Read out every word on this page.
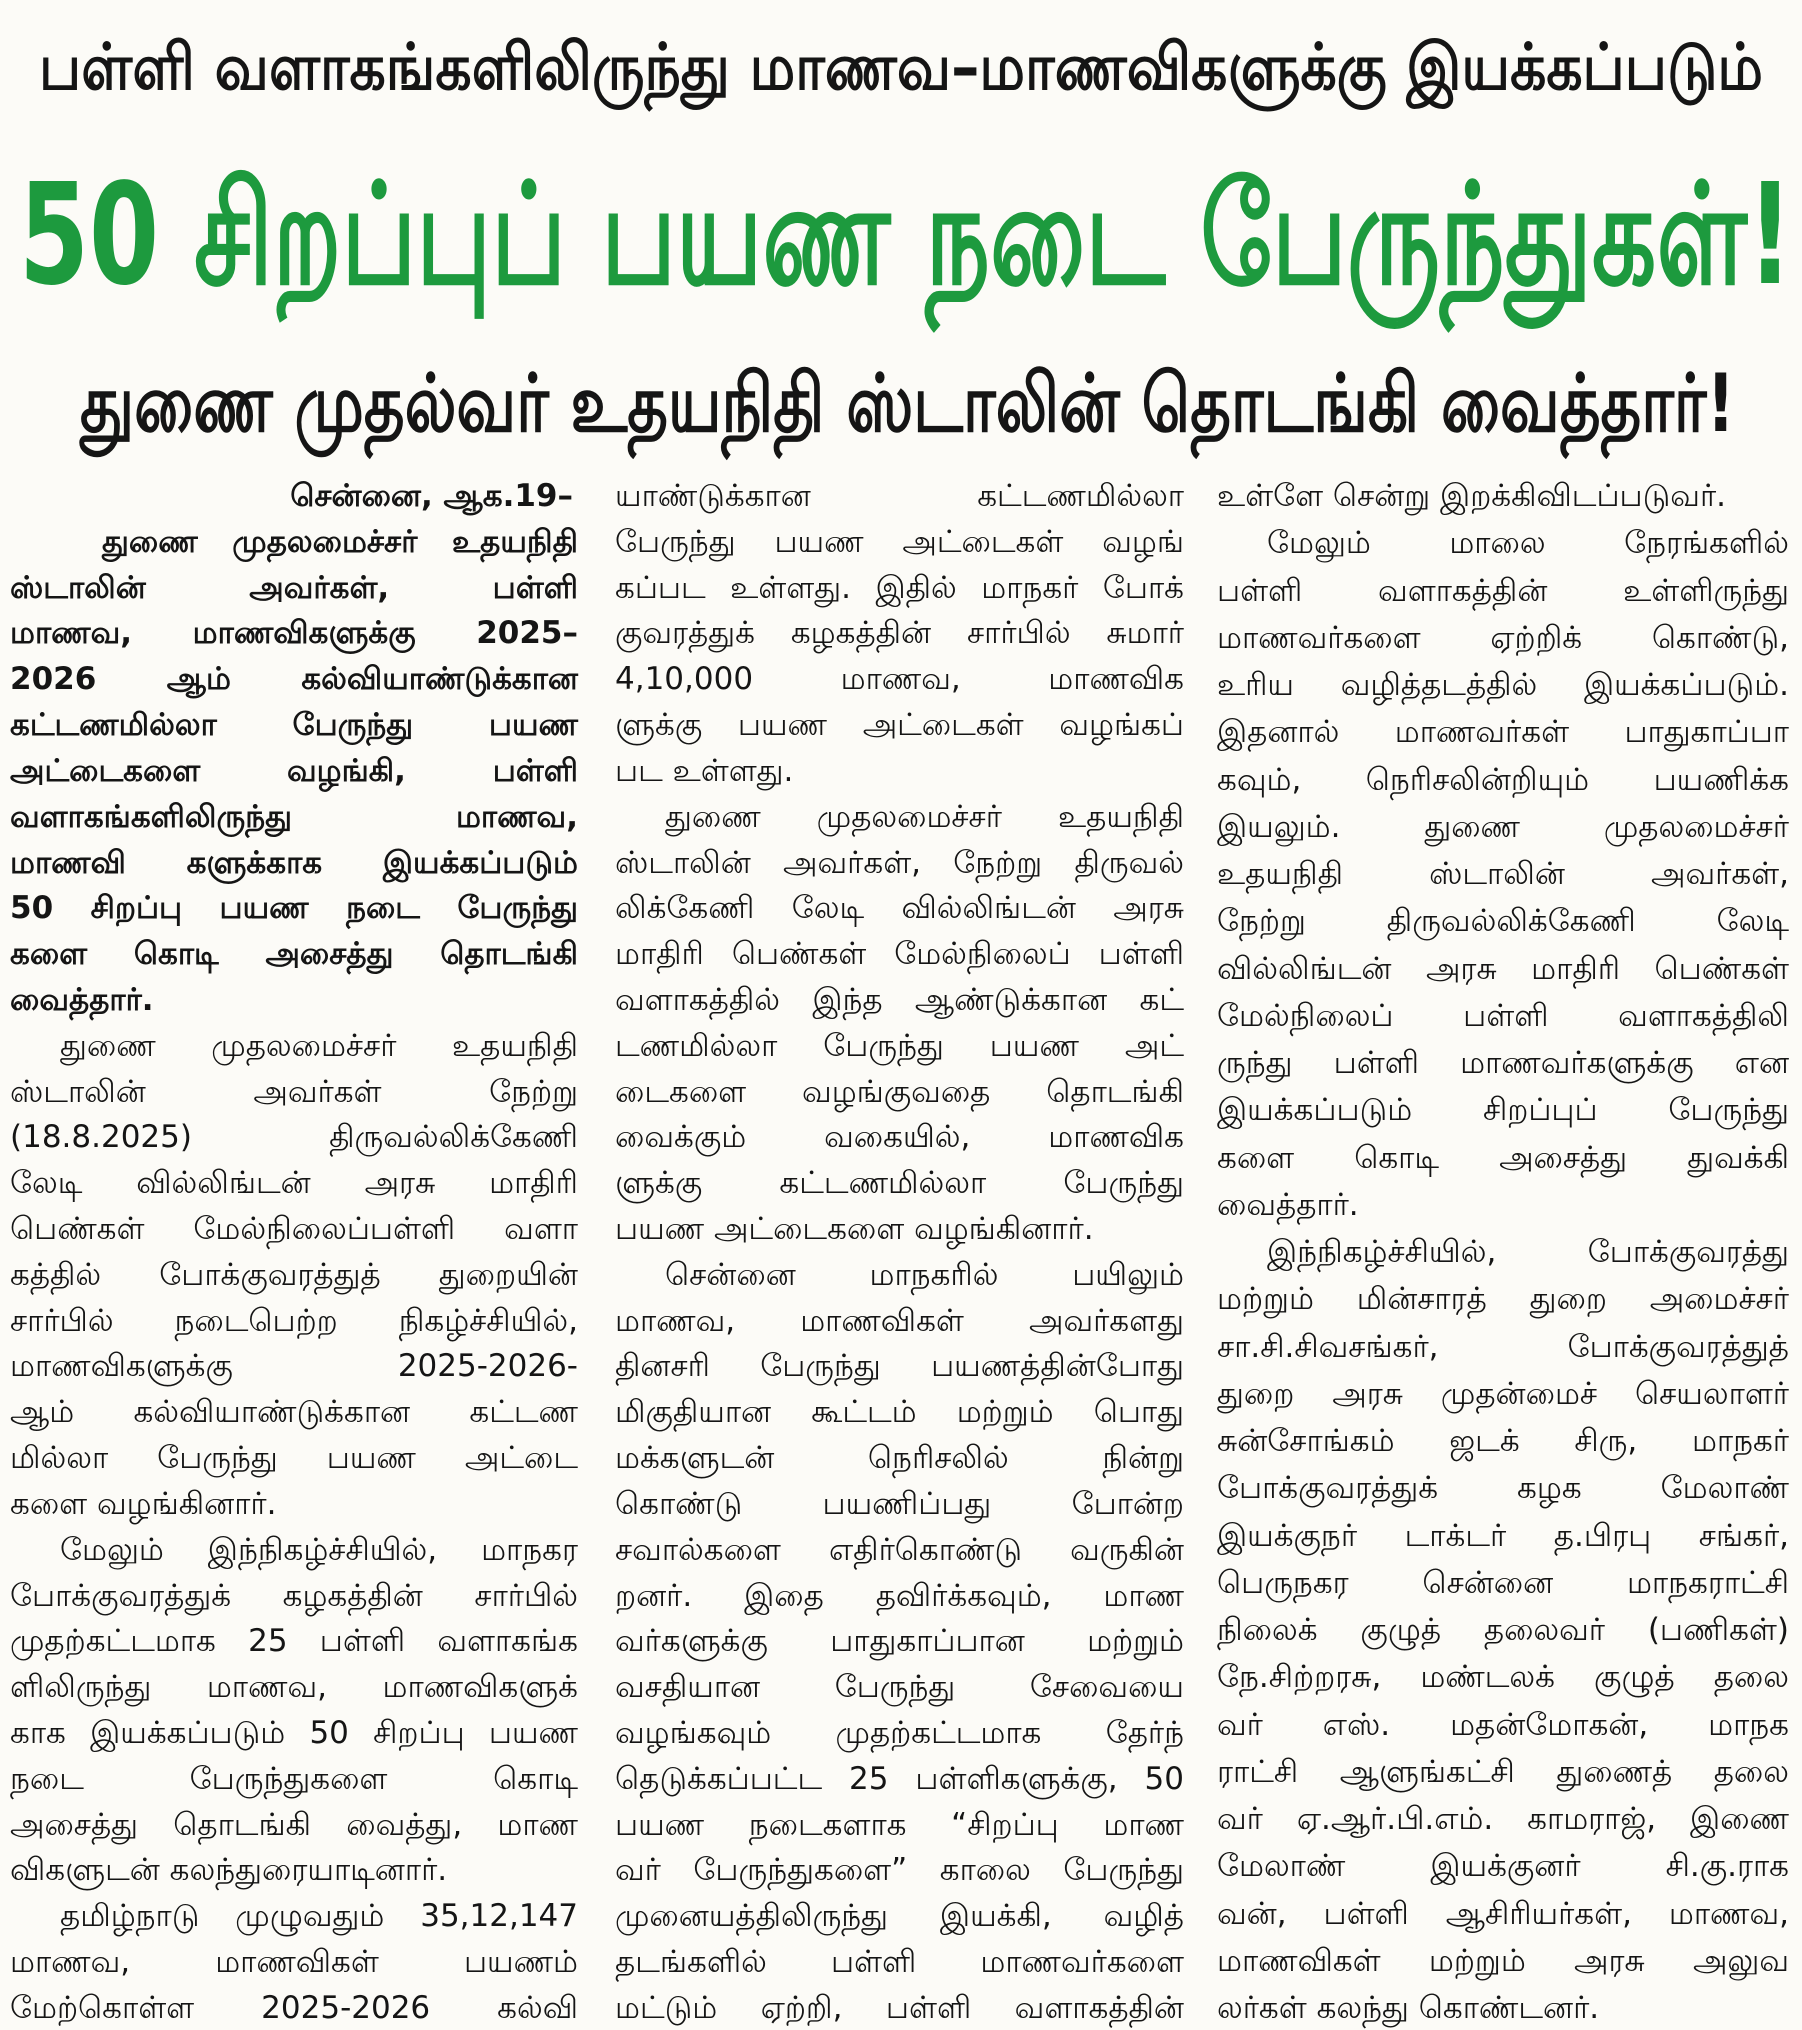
பள்ளி வளாகங்களிலிருந்து மாணவ–மாணவிகளுக்கு இயக்கப்படும்
50 சிறப்புப் பயண நடை பேருந்துகள்!
துணை முதல்வர் உதயநிதி ஸ்டாலின் தொடங்கி வைத்தார்!
சென்னை, ஆக.19–
துணை முதலமைச்சர் உதயநிதி
ஸ்டாலின் அவர்கள், பள்ளி
மாணவ, மாணவிகளுக்கு 2025–
2026 ஆம் கல்வியாண்டுக்கான
கட்டணமில்லா பேருந்து பயண
அட்டைகளை வழங்கி, பள்ளி
வளாகங்களிலிருந்து மாணவ,
மாணவி களுக்காக இயக்கப்படும்
50 சிறப்பு பயண நடை பேருந்து
களை கொடி அசைத்து தொடங்கி
வைத்தார்.
துணை முதலமைச்சர் உதயநிதி
ஸ்டாலின் அவர்கள் நேற்று
(18.8.2025) திருவல்லிக்கேணி
லேடி வில்லிங்டன் அரசு மாதிரி
பெண்கள் மேல்நிலைப்பள்ளி வளா
கத்தில் போக்குவரத்துத் துறையின்
சார்பில் நடைபெற்ற நிகழ்ச்சியில்,
மாணவிகளுக்கு 2025-2026-
ஆம் கல்வியாண்டுக்கான கட்டண
மில்லா பேருந்து பயண அட்டை
களை வழங்கினார்.
மேலும் இந்நிகழ்ச்சியில், மாநகர
போக்குவரத்துக் கழகத்தின் சார்பில்
முதற்கட்டமாக 25 பள்ளி வளாகங்க
ளிலிருந்து மாணவ, மாணவிகளுக்
காக இயக்கப்படும் 50 சிறப்பு பயண
நடை பேருந்துகளை கொடி
அசைத்து தொடங்கி வைத்து, மாண
விகளுடன் கலந்துரையாடினார்.
தமிழ்நாடு முழுவதும் 35,12,147
மாணவ, மாணவிகள் பயணம்
மேற்கொள்ள 2025-2026 கல்வி
யாண்டுக்கான கட்டணமில்லா
பேருந்து பயண அட்டைகள் வழங்
கப்பட உள்ளது. இதில் மாநகர் போக்
குவரத்துக் கழகத்தின் சார்பில் சுமார்
4,10,000 மாணவ, மாணவிக
ளுக்கு பயண அட்டைகள் வழங்கப்
பட உள்ளது.
துணை முதலமைச்சர் உதயநிதி
ஸ்டாலின் அவர்கள், நேற்று திருவல்
லிக்கேணி லேடி வில்லிங்டன் அரசு
மாதிரி பெண்கள் மேல்நிலைப் பள்ளி
வளாகத்தில் இந்த ஆண்டுக்கான கட்
டணமில்லா பேருந்து பயண அட்
டைகளை வழங்குவதை தொடங்கி
வைக்கும் வகையில், மாணவிக
ளுக்கு கட்டணமில்லா பேருந்து
பயண அட்டைகளை வழங்கினார்.
சென்னை மாநகரில் பயிலும்
மாணவ, மாணவிகள் அவர்களது
தினசரி பேருந்து பயணத்தின்போது
மிகுதியான கூட்டம் மற்றும் பொது
மக்களுடன் நெரிசலில் நின்று
கொண்டு பயணிப்பது போன்ற
சவால்களை எதிர்கொண்டு வருகின்
றனர். இதை தவிர்க்கவும், மாண
வர்களுக்கு பாதுகாப்பான மற்றும்
வசதியான பேருந்து சேவையை
வழங்கவும் முதற்கட்டமாக தேர்ந்
தெடுக்கப்பட்ட 25 பள்ளிகளுக்கு, 50
பயண நடைகளாக “சிறப்பு மாண
வர் பேருந்துகளை” காலை பேருந்து
முனையத்திலிருந்து இயக்கி, வழித்
தடங்களில் பள்ளி மாணவர்களை
மட்டும் ஏற்றி, பள்ளி வளாகத்தின்
உள்ளே சென்று இறக்கிவிடப்படுவர்.
மேலும் மாலை நேரங்களில்
பள்ளி வளாகத்தின் உள்ளிருந்து
மாணவர்களை ஏற்றிக் கொண்டு,
உரிய வழித்தடத்தில் இயக்கப்படும்.
இதனால் மாணவர்கள் பாதுகாப்பா
கவும், நெரிசலின்றியும் பயணிக்க
இயலும். துணை முதலமைச்சர்
உதயநிதி ஸ்டாலின் அவர்கள்,
நேற்று திருவல்லிக்கேணி லேடி
வில்லிங்டன் அரசு மாதிரி பெண்கள்
மேல்நிலைப் பள்ளி வளாகத்திலி
ருந்து பள்ளி மாணவர்களுக்கு என
இயக்கப்படும் சிறப்புப் பேருந்து
களை கொடி அசைத்து துவக்கி
வைத்தார்.
இந்நிகழ்ச்சியில், போக்குவரத்து
மற்றும் மின்சாரத் துறை அமைச்சர்
சா.சி.சிவசங்கர், போக்குவரத்துத்
துறை அரசு முதன்மைச் செயலாளர்
சுன்சோங்கம் ஜடக் சிரு, மாநகர்
போக்குவரத்துக் கழக மேலாண்
இயக்குநர் டாக்டர் த.பிரபு சங்கர்,
பெருநகர சென்னை மாநகராட்சி
நிலைக் குழுத் தலைவர் (பணிகள்)
நே.சிற்றரசு, மண்டலக் குழுத் தலை
வர் எஸ். மதன்மோகன், மாநக
ராட்சி ஆளுங்கட்சி துணைத் தலை
வர் ஏ.ஆர்.பி.எம். காமராஜ், இணை
மேலாண் இயக்குனர் சி.கு.ராக
வன், பள்ளி ஆசிரியர்கள், மாணவ,
மாணவிகள் மற்றும் அரசு அலுவ
லர்கள் கலந்து கொண்டனர்.
